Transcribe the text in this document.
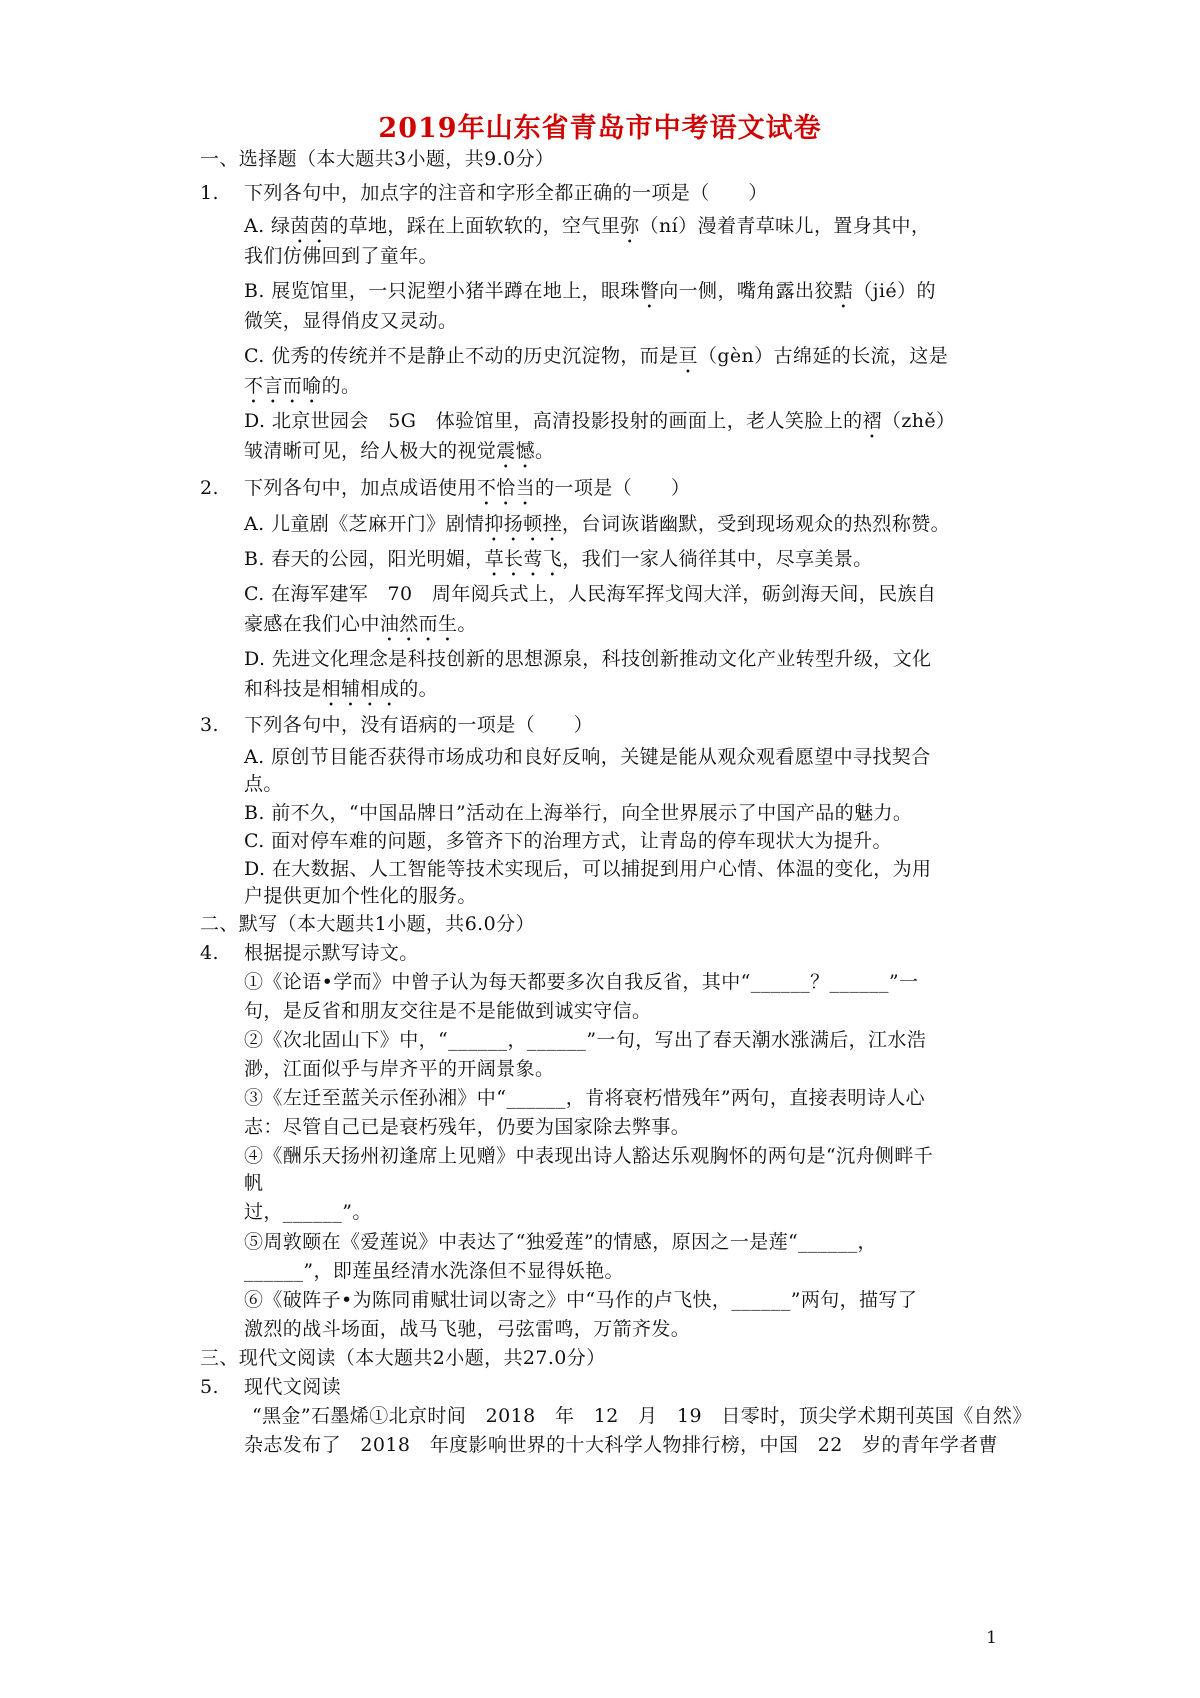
2019年山东省青岛市中考语文试卷
一、选择题（本大题共3小题，共9.0分）
1. 下列各句中，加点字的注音和字形全都正确的一项是（　　）
A. 绿茵茵的草地，踩在上面软软的，空气里弥（ní）漫着青草味儿，置身其中，
我们仿佛回到了童年。
B. 展览馆里，一只泥塑小猪半蹲在地上，眼珠瞥向一侧，嘴角露出狡黠（jié）的
微笑，显得俏皮又灵动。
C. 优秀的传统并不是静止不动的历史沉淀物，而是亘（gèn）古绵延的长流，这是
不言而喻的。
D. 北京世园会　5G　体验馆里，高清投影投射的画面上，老人笑脸上的褶（zhě）
皱清晰可见，给人极大的视觉震憾。
2. 下列各句中，加点成语使用不恰当的一项是（　　）
A. 儿童剧《芝麻开门》剧情抑扬顿挫，台词诙谐幽默，受到现场观众的热烈称赞。
B. 春天的公园，阳光明媚，草长莺飞，我们一家人徜徉其中，尽享美景。
C. 在海军建军　70　周年阅兵式上，人民海军挥戈闯大洋，砺剑海天间，民族自
豪感在我们心中油然而生。
D. 先进文化理念是科技创新的思想源泉，科技创新推动文化产业转型升级，文化
和科技是相辅相成的。
3. 下列各句中，没有语病的一项是（　　）
A. 原创节目能否获得市场成功和良好反响，关键是能从观众观看愿望中寻找契合
点。
B. 前不久，“中国品牌日”活动在上海举行，向全世界展示了中国产品的魅力。
C. 面对停车难的问题，多管齐下的治理方式，让青岛的停车现状大为提升。
D. 在大数据、人工智能等技术实现后，可以捕捉到用户心情、体温的变化，为用
户提供更加个性化的服务。
二、默写（本大题共1小题，共6.0分）
4. 根据提示默写诗文。
①《论语•学而》中曾子认为每天都要多次自我反省，其中“______？______”一
句，是反省和朋友交往是不是能做到诚实守信。
②《次北固山下》中，“______，______”一句，写出了春天潮水涨满后，江水浩
渺，江面似乎与岸齐平的开阔景象。
③《左迁至蓝关示侄孙湘》中“______，肯将衰朽惜残年”两句，直接表明诗人心
志：尽管自己已是衰朽残年，仍要为国家除去弊事。
④《酬乐天扬州初逢席上见赠》中表现出诗人豁达乐观胸怀的两句是“沉舟侧畔千
帆
过，______”。
⑤周敦颐在《爱莲说》中表达了“独爱莲”的情感，原因之一是莲“______，
______”，即莲虽经清水洗涤但不显得妖艳。
⑥《破阵子•为陈同甫赋壮词以寄之》中“马作的卢飞快，______”两句，描写了
激烈的战斗场面，战马飞驰，弓弦雷鸣，万箭齐发。
三、现代文阅读（本大题共2小题，共27.0分）
5. 现代文阅读
“黑金”石墨烯①北京时间　2018　年　12　月　19　日零时，顶尖学术期刊英国《自然》
杂志发布了　2018　年度影响世界的十大科学人物排行榜，中国　22　岁的青年学者曹
1
